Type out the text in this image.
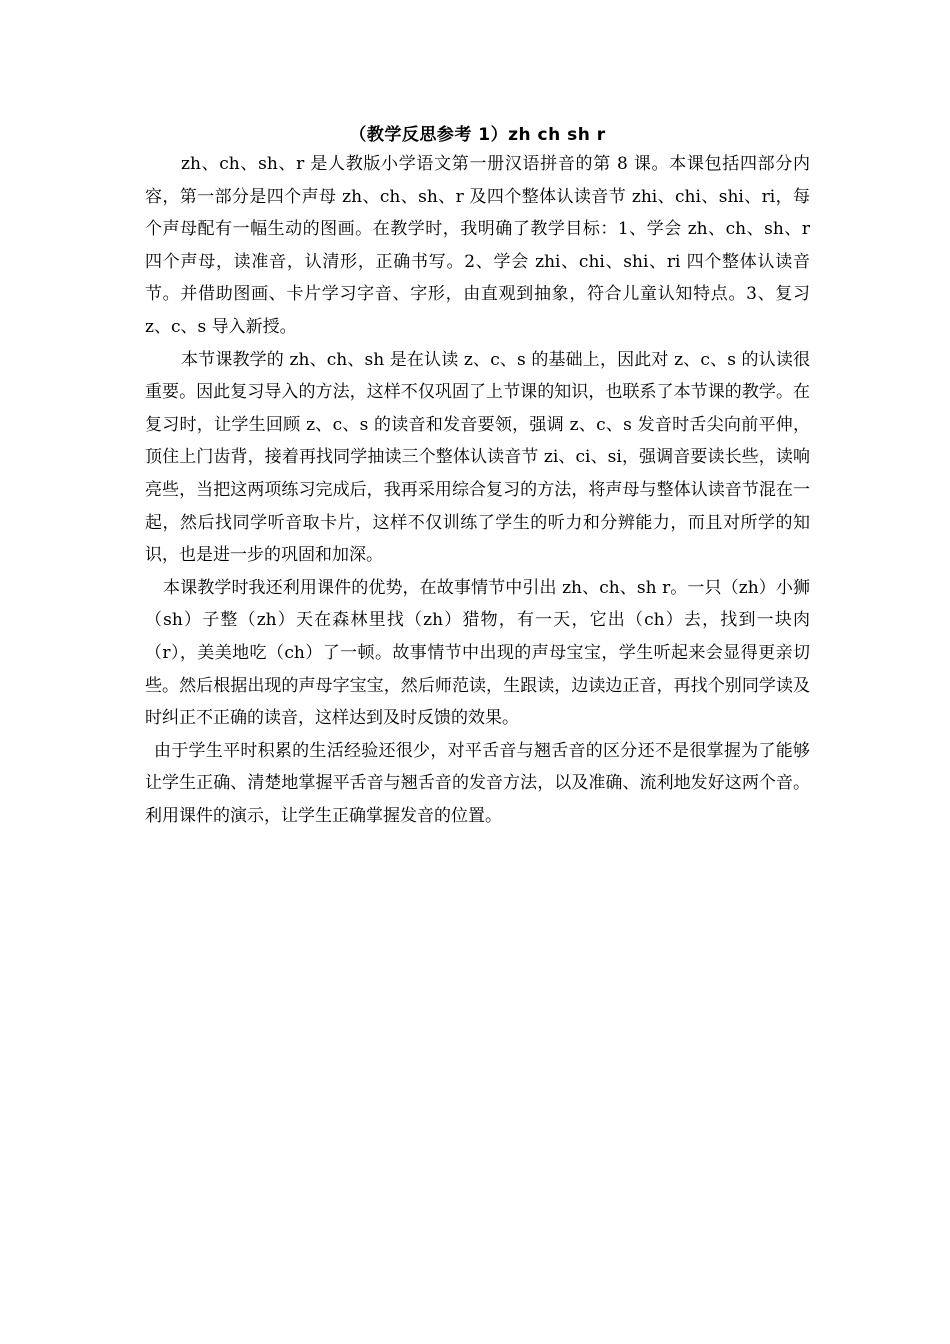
（教学反思参考 1）zh ch sh r

zh、ch、sh、r 是人教版小学语文第一册汉语拼音的第 8 课。本课包括四部分内容，第一部分是四个声母 zh、ch、sh、r 及四个整体认读音节 zhi、chi、shi、ri，每个声母配有一幅生动的图画。在教学时，我明确了教学目标：1、学会 zh、ch、sh、r 四个声母，读准音，认清形，正确书写。2、学会 zhi、chi、shi、ri 四个整体认读音节。并借助图画、卡片学习字音、字形，由直观到抽象，符合儿童认知特点。3、复习 z、c、s 导入新授。

本节课教学的 zh、ch、sh 是在认读 z、c、s 的基础上，因此对 z、c、s 的认读很重要。因此复习导入的方法，这样不仅巩固了上节课的知识，也联系了本节课的教学。在复习时，让学生回顾 z、c、s 的读音和发音要领，强调 z、c、s 发音时舌尖向前平伸，顶住上门齿背，接着再找同学抽读三个整体认读音节 zi、ci、si，强调音要读长些，读响亮些，当把这两项练习完成后，我再采用综合复习的方法，将声母与整体认读音节混在一起，然后找同学听音取卡片，这样不仅训练了学生的听力和分辨能力，而且对所学的知识，也是进一步的巩固和加深。

本课教学时我还利用课件的优势，在故事情节中引出 zh、ch、sh r。一只（zh）小狮（sh）子整（zh）天在森林里找（zh）猎物，有一天，它出（ch）去，找到一块肉（r），美美地吃（ch）了一顿。故事情节中出现的声母宝宝，学生听起来会显得更亲切些。然后根据出现的声母字宝宝，然后师范读，生跟读，边读边正音，再找个别同学读及时纠正不正确的读音，这样达到及时反馈的效果。

由于学生平时积累的生活经验还很少，对平舌音与翘舌音的区分还不是很掌握为了能够让学生正确、清楚地掌握平舌音与翘舌音的发音方法，以及准确、流利地发好这两个音。利用课件的演示，让学生正确掌握发音的位置。
